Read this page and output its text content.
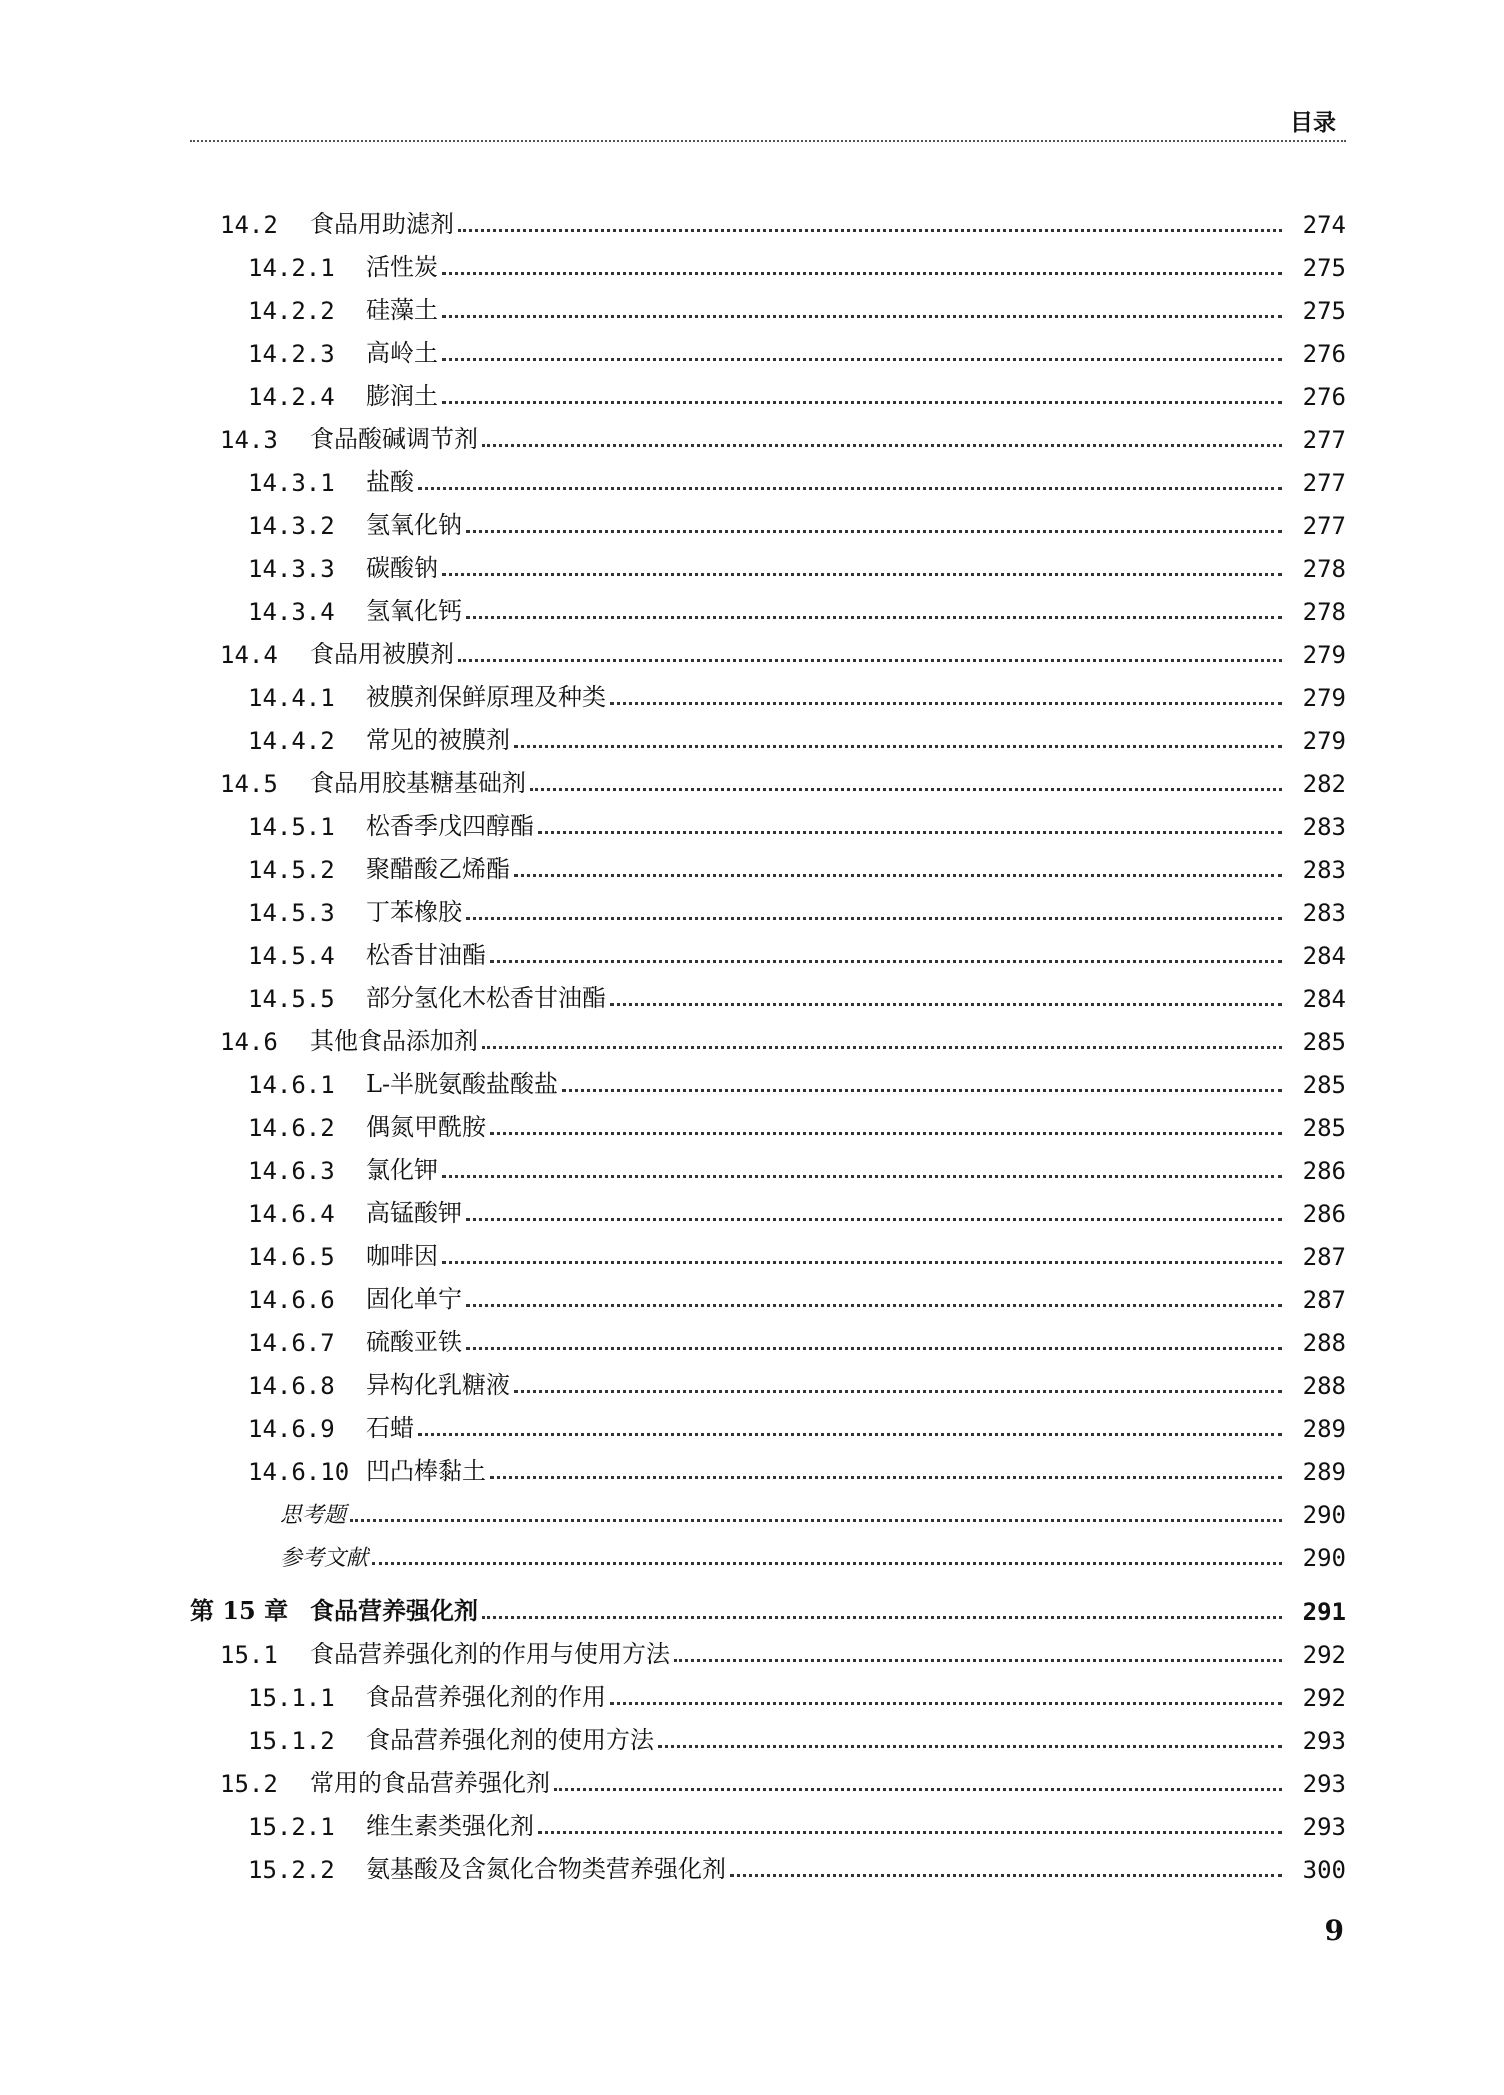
目录
14.2	食品用助滤剂	274
14.2.1	活性炭	275
14.2.2	硅藻土	275
14.2.3	高岭土	276
14.2.4	膨润土	276
14.3	食品酸碱调节剂	277
14.3.1	盐酸	277
14.3.2	氢氧化钠	277
14.3.3	碳酸钠	278
14.3.4	氢氧化钙	278
14.4	食品用被膜剂	279
14.4.1	被膜剂保鲜原理及种类	279
14.4.2	常见的被膜剂	279
14.5	食品用胶基糖基础剂	282
14.5.1	松香季戊四醇酯	283
14.5.2	聚醋酸乙烯酯	283
14.5.3	丁苯橡胶	283
14.5.4	松香甘油酯	284
14.5.5	部分氢化木松香甘油酯	284
14.6	其他食品添加剂	285
14.6.1	L-半胱氨酸盐酸盐	285
14.6.2	偶氮甲酰胺	285
14.6.3	氯化钾	286
14.6.4	高锰酸钾	286
14.6.5	咖啡因	287
14.6.6	固化单宁	287
14.6.7	硫酸亚铁	288
14.6.8	异构化乳糖液	288
14.6.9	石蜡	289
14.6.10 凹凸棒黏土	289
思考题	290
参考文献	290
第 15 章 食品营养强化剂	291
15.1	食品营养强化剂的作用与使用方法	292
15.1.1	食品营养强化剂的作用	292
15.1.2	食品营养强化剂的使用方法	293
15.2	常用的食品营养强化剂	293
15.2.1	维生素类强化剂	293
15.2.2	氨基酸及含氮化合物类营养强化剂	300
9
